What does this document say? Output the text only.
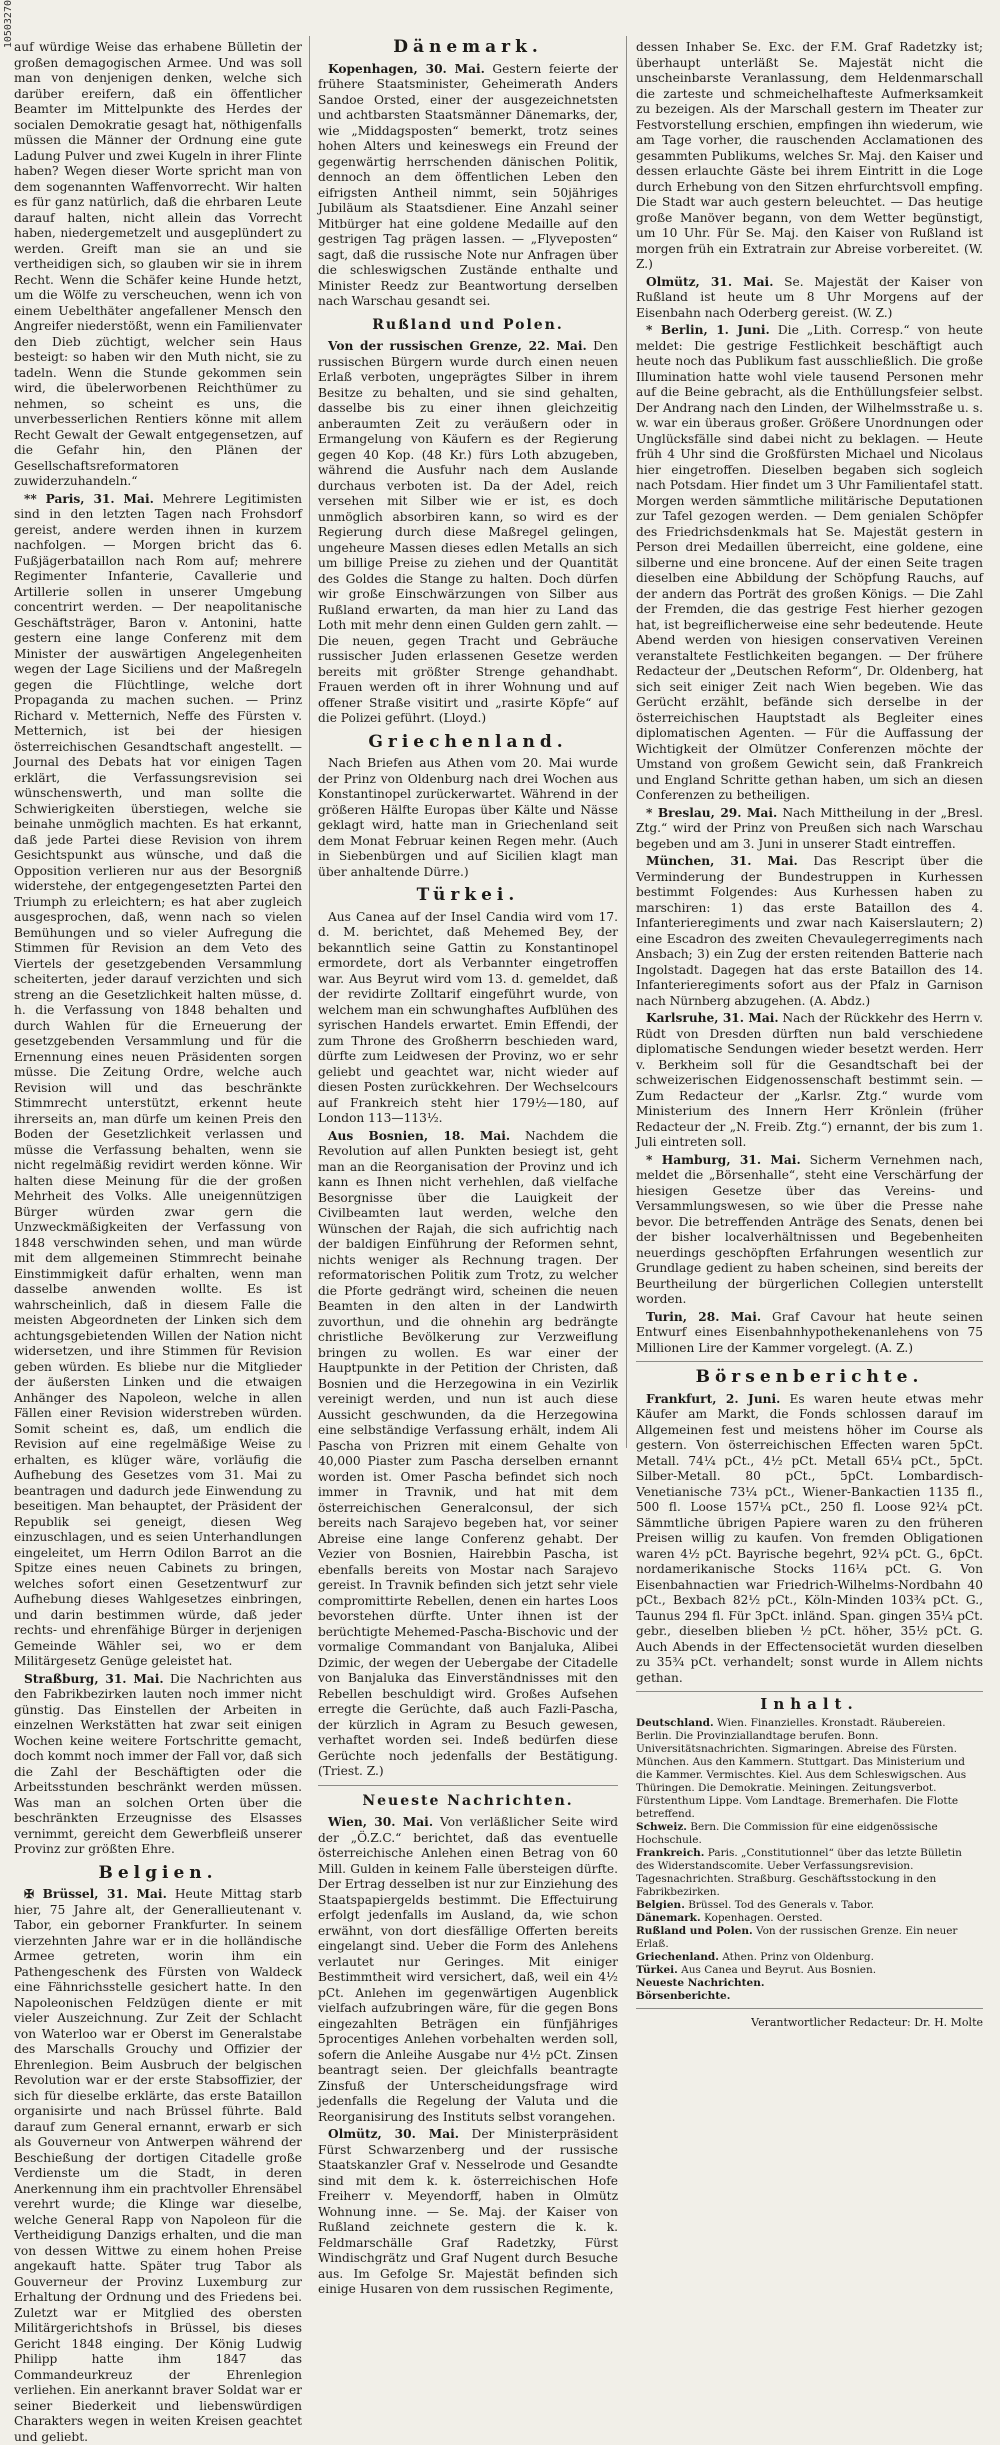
10503270 auf würdige Weise das erhabene Bülletin der großen demagogischen Armee. Und was soll man von denjenigen denken, welche sich darüber ereifern, daß ein öffentlicher Beamter im Mittelpunkte des Herdes der socialen Demokratie gesagt hat, nöthigenfalls müssen die Männer der Ordnung eine gute Ladung Pulver und zwei Kugeln in ihrer Flinte haben? Wegen dieser Worte spricht man von dem sogenannten Waffenvorrecht. Wir halten es für ganz natürlich, daß die ehrbaren Leute darauf halten, nicht allein das Vorrecht haben, niedergemetzelt und ausgeplündert zu werden. Greift man sie an und sie vertheidigen sich, so glauben wir sie in ihrem Recht. Wenn die Schäfer keine Hunde hetzt, um die Wölfe zu verscheuchen, wenn ich von einem Uebelthäter angefallener Mensch den Angreifer niederstößt, wenn ein Familienvater den Dieb züchtigt, welcher sein Haus besteigt: so haben wir den Muth nicht, sie zu tadeln. Wenn die Stunde gekommen sein wird, die übelerworbenen Reichthümer zu nehmen, so scheint es uns, die unverbesserlichen Rentiers könne mit allem Recht Gewalt der Gewalt entgegensetzen, auf die Gefahr hin, den Plänen der Gesellschaftsreformatoren zuwiderzuhandeln.“

** Paris, 31. Mai. Mehrere Legitimisten sind in den letzten Tagen nach Frohsdorf gereist, andere werden ihnen in kurzem nachfolgen. — Morgen bricht das 6. Fußjägerbataillon nach Rom auf; mehrere Regimenter Infanterie, Cavallerie und Artillerie sollen in unserer Umgebung concentrirt werden. — Der neapolitanische Geschäftsträger, Baron v. Antonini, hatte gestern eine lange Conferenz mit dem Minister der auswärtigen Angelegenheiten wegen der Lage Siciliens und der Maßregeln gegen die Flüchtlinge, welche dort Propaganda zu machen suchen. — Prinz Richard v. Metternich, Neffe des Fürsten v. Metternich, ist bei der hiesigen österreichischen Gesandtschaft angestellt. — Journal des Debats hat vor einigen Tagen erklärt, die Verfassungsrevision sei wünschenswerth, und man sollte die Schwierigkeiten überstiegen, welche sie beinahe unmöglich machten. Es hat erkannt, daß jede Partei diese Revision von ihrem Gesichtspunkt aus wünsche, und daß die Opposition verlieren nur aus der Besorgniß widerstehe, der entgegengesetzten Partei den Triumph zu erleichtern; es hat aber zugleich ausgesprochen, daß, wenn nach so vielen Bemühungen und so vieler Aufregung die Stimmen für Revision an dem Veto des Viertels der gesetzgebenden Versammlung scheiterten, jeder darauf verzichten und sich streng an die Gesetzlichkeit halten müsse, d. h. die Verfassung von 1848 behalten und durch Wahlen für die Erneuerung der gesetzgebenden Versammlung und für die Ernennung eines neuen Präsidenten sorgen müsse. Die Zeitung Ordre, welche auch Revision will und das beschränkte Stimmrecht unterstützt, erkennt heute ihrerseits an, man dürfe um keinen Preis den Boden der Gesetzlichkeit verlassen und müsse die Verfassung behalten, wenn sie nicht regelmäßig revidirt werden könne. Wir halten diese Meinung für die der großen Mehrheit des Volks. Alle uneigennützigen Bürger würden zwar gern die Unzweckmäßigkeiten der Verfassung von 1848 verschwinden sehen, und man würde mit dem allgemeinen Stimmrecht beinahe Einstimmigkeit dafür erhalten, wenn man dasselbe anwenden wollte. Es ist wahrscheinlich, daß in diesem Falle die meisten Abgeordneten der Linken sich dem achtungsgebietenden Willen der Nation nicht widersetzen, und ihre Stimmen für Revision geben würden. Es bliebe nur die Mitglieder der äußersten Linken und die etwaigen Anhänger des Napoleon, welche in allen Fällen einer Revision widerstreben würden. Somit scheint es, daß, um endlich die Revision auf eine regelmäßige Weise zu erhalten, es klüger wäre, vorläufig die Aufhebung des Gesetzes vom 31. Mai zu beantragen und dadurch jede Einwendung zu beseitigen. Man behauptet, der Präsident der Republik sei geneigt, diesen Weg einzuschlagen, und es seien Unterhandlungen eingeleitet, um Herrn Odilon Barrot an die Spitze eines neuen Cabinets zu bringen, welches sofort einen Gesetzentwurf zur Aufhebung dieses Wahlgesetzes einbringen, und darin bestimmen würde, daß jeder rechts- und ehrenfähige Bürger in derjenigen Gemeinde Wähler sei, wo er dem Militärgesetz Genüge geleistet hat.

Straßburg, 31. Mai. Die Nachrichten aus den Fabrikbezirken lauten noch immer nicht günstig. Das Einstellen der Arbeiten in einzelnen Werkstätten hat zwar seit einigen Wochen keine weitere Fortschritte gemacht, doch kommt noch immer der Fall vor, daß sich die Zahl der Beschäftigten oder die Arbeitsstunden beschränkt werden müssen. Was man an solchen Orten über die beschränkten Erzeugnisse des Elsasses vernimmt, gereicht dem Gewerbfleiß unserer Provinz zur größten Ehre.

Belgien.

✠ Brüssel, 31. Mai. Heute Mittag starb hier, 75 Jahre alt, der Generallieutenant v. Tabor, ein geborner Frankfurter. In seinem vierzehnten Jahre war er in die holländische Armee getreten, worin ihm ein Pathengeschenk des Fürsten von Waldeck eine Fähnrichsstelle gesichert hatte. In den Napoleonischen Feldzügen diente er mit vieler Auszeichnung. Zur Zeit der Schlacht von Waterloo war er Oberst im Generalstabe des Marschalls Grouchy und Offizier der Ehrenlegion. Beim Ausbruch der belgischen Revolution war er der erste Stabsoffizier, der sich für dieselbe erklärte, das erste Bataillon organisirte und nach Brüssel führte. Bald darauf zum General ernannt, erwarb er sich als Gouverneur von Antwerpen während der Beschießung der dortigen Citadelle große Verdienste um die Stadt, in deren Anerkennung ihm ein prachtvoller Ehrensäbel verehrt wurde; die Klinge war dieselbe, welche General Rapp von Napoleon für die Vertheidigung Danzigs erhalten, und die man von dessen Wittwe zu einem hohen Preise angekauft hatte. Später trug Tabor als Gouverneur der Provinz Luxemburg zur Erhaltung der Ordnung und des Friedens bei. Zuletzt war er Mitglied des obersten Militärgerichtshofs in Brüssel, bis dieses Gericht 1848 einging. Der König Ludwig Philipp hatte ihm 1847 das Commandeurkreuz der Ehrenlegion verliehen. Ein anerkannt braver Soldat war er seiner Biederkeit und liebenswürdigen Charakters wegen in weiten Kreisen geachtet und geliebt.

Dänemark.

Kopenhagen, 30. Mai. Gestern feierte der frühere Staatsminister, Geheimerath Anders Sandoe Orsted, einer der ausgezeichnetsten und achtbarsten Staatsmänner Dänemarks, der, wie „Middagsposten“ bemerkt, trotz seines hohen Alters und keineswegs ein Freund der gegenwärtig herrschenden dänischen Politik, dennoch an dem öffentlichen Leben den eifrigsten Antheil nimmt, sein 50jähriges Jubiläum als Staatsdiener. Eine Anzahl seiner Mitbürger hat eine goldene Medaille auf den gestrigen Tag prägen lassen. — „Flyveposten“ sagt, daß die russische Note nur Anfragen über die schleswigschen Zustände enthalte und Minister Reedz zur Beantwortung derselben nach Warschau gesandt sei.

Rußland und Polen.

Von der russischen Grenze, 22. Mai. Den russischen Bürgern wurde durch einen neuen Erlaß verboten, ungeprägtes Silber in ihrem Besitze zu behalten, und sie sind gehalten, dasselbe bis zu einer ihnen gleichzeitig anberaumten Zeit zu veräußern oder in Ermangelung von Käufern es der Regierung gegen 40 Kop. (48 Kr.) fürs Loth abzugeben, während die Ausfuhr nach dem Auslande durchaus verboten ist. Da der Adel, reich versehen mit Silber wie er ist, es doch unmöglich absorbiren kann, so wird es der Regierung durch diese Maßregel gelingen, ungeheure Massen dieses edlen Metalls an sich um billige Preise zu ziehen und der Quantität des Goldes die Stange zu halten. Doch dürfen wir große Einschwärzungen von Silber aus Rußland erwarten, da man hier zu Land das Loth mit mehr denn einen Gulden gern zahlt. — Die neuen, gegen Tracht und Gebräuche russischer Juden erlassenen Gesetze werden bereits mit größter Strenge gehandhabt. Frauen werden oft in ihrer Wohnung und auf offener Straße visitirt und „rasirte Köpfe“ auf die Polizei geführt. (Lloyd.)

Griechenland.

Nach Briefen aus Athen vom 20. Mai wurde der Prinz von Oldenburg nach drei Wochen aus Konstantinopel zurückerwartet. Während in der größeren Hälfte Europas über Kälte und Nässe geklagt wird, hatte man in Griechenland seit dem Monat Februar keinen Regen mehr. (Auch in Siebenbürgen und auf Sicilien klagt man über anhaltende Dürre.)

Türkei.

Aus Canea auf der Insel Candia wird vom 17. d. M. berichtet, daß Mehemed Bey, der bekanntlich seine Gattin zu Konstantinopel ermordete, dort als Verbannter eingetroffen war. Aus Beyrut wird vom 13. d. gemeldet, daß der revidirte Zolltarif eingeführt wurde, von welchem man ein schwunghaftes Aufblühen des syrischen Handels erwartet. Emin Effendi, der zum Throne des Großherrn beschieden ward, dürfte zum Leidwesen der Provinz, wo er sehr geliebt und geachtet war, nicht wieder auf diesen Posten zurückkehren. Der Wechselcours auf Frankreich steht hier 179½—180, auf London 113—113½.

Aus Bosnien, 18. Mai. Nachdem die Revolution auf allen Punkten besiegt ist, geht man an die Reorganisation der Provinz und ich kann es Ihnen nicht verhehlen, daß vielfache Besorgnisse über die Lauigkeit der Civilbeamten laut werden, welche den Wünschen der Rajah, die sich aufrichtig nach der baldigen Einführung der Reformen sehnt, nichts weniger als Rechnung tragen. Der reformatorischen Politik zum Trotz, zu welcher die Pforte gedrängt wird, scheinen die neuen Beamten in den alten in der Landwirth zuvorthun, und die ohnehin arg bedrängte christliche Bevölkerung zur Verzweiflung bringen zu wollen. Es war einer der Hauptpunkte in der Petition der Christen, daß Bosnien und die Herzegowina in ein Vezirlik vereinigt werden, und nun ist auch diese Aussicht geschwunden, da die Herzegowina eine selbständige Verfassung erhält, indem Ali Pascha von Prizren mit einem Gehalte von 40,000 Piaster zum Pascha derselben ernannt worden ist. Omer Pascha befindet sich noch immer in Travnik, und hat mit dem österreichischen Generalconsul, der sich bereits nach Sarajevo begeben hat, vor seiner Abreise eine lange Conferenz gehabt. Der Vezier von Bosnien, Hairebbin Pascha, ist ebenfalls bereits von Mostar nach Sarajevo gereist. In Travnik befinden sich jetzt sehr viele compromittirte Rebellen, denen ein hartes Loos bevorstehen dürfte. Unter ihnen ist der berüchtigte Mehemed-Pascha-Bischovic und der vormalige Commandant von Banjaluka, Alibei Dzimic, der wegen der Uebergabe der Citadelle von Banjaluka das Einverständnisses mit den Rebellen beschuldigt wird. Großes Aufsehen erregte die Gerüchte, daß auch Fazli-Pascha, der kürzlich in Agram zu Besuch gewesen, verhaftet worden sei. Indeß bedürfen diese Gerüchte noch jedenfalls der Bestätigung. (Triest. Z.)

Neueste Nachrichten.

Wien, 30. Mai. Von verläßlicher Seite wird der „Ö.Z.C.“ berichtet, daß das eventuelle österreichische Anlehen einen Betrag von 60 Mill. Gulden in keinem Falle übersteigen dürfte. Der Ertrag desselben ist nur zur Einziehung des Staatspapiergelds bestimmt. Die Effectuirung erfolgt jedenfalls im Ausland, da, wie schon erwähnt, von dort diesfällige Offerten bereits eingelangt sind. Ueber die Form des Anlehens verlautet nur Geringes. Mit einiger Bestimmtheit wird versichert, daß, weil ein 4½ pCt. Anlehen im gegenwärtigen Augenblick vielfach aufzubringen wäre, für die gegen Bons eingezahlten Beträgen ein fünfjähriges 5procentiges Anlehen vorbehalten werden soll, sofern die Anleihe Ausgabe nur 4½ pCt. Zinsen beantragt seien. Der gleichfalls beantragte Zinsfuß der Unterscheidungsfrage wird jedenfalls die Regelung der Valuta und die Reorganisirung des Instituts selbst vorangehen.

Olmütz, 30. Mai. Der Ministerpräsident Fürst Schwarzenberg und der russische Staatskanzler Graf v. Nesselrode und Gesandte sind mit dem k. k. österreichischen Hofe Freiherr v. Meyendorff, haben in Olmütz Wohnung inne. — Se. Maj. der Kaiser von Rußland zeichnete gestern die k. k. Feldmarschälle Graf Radetzky, Fürst Windischgrätz und Graf Nugent durch Besuche aus. Im Gefolge Sr. Majestät befinden sich einige Husaren von dem russischen Regimente,

dessen Inhaber Se. Exc. der F.M. Graf Radetzky ist; überhaupt unterläßt Se. Majestät nicht die unscheinbarste Veranlassung, dem Heldenmarschall die zarteste und schmeichelhafteste Aufmerksamkeit zu bezeigen. Als der Marschall gestern im Theater zur Festvorstellung erschien, empfingen ihn wiederum, wie am Tage vorher, die rauschenden Acclamationen des gesammten Publikums, welches Sr. Maj. den Kaiser und dessen erlauchte Gäste bei ihrem Eintritt in die Loge durch Erhebung von den Sitzen ehrfurchtsvoll empfing. Die Stadt war auch gestern beleuchtet. — Das heutige große Manöver begann, von dem Wetter begünstigt, um 10 Uhr. Für Se. Maj. den Kaiser von Rußland ist morgen früh ein Extratrain zur Abreise vorbereitet. (W. Z.)

Olmütz, 31. Mai. Se. Majestät der Kaiser von Rußland ist heute um 8 Uhr Morgens auf der Eisenbahn nach Oderberg gereist. (W. Z.)

* Berlin, 1. Juni. Die „Lith. Corresp.“ von heute meldet: Die gestrige Festlichkeit beschäftigt auch heute noch das Publikum fast ausschließlich. Die große Illumination hatte wohl viele tausend Personen mehr auf die Beine gebracht, als die Enthüllungsfeier selbst. Der Andrang nach den Linden, der Wilhelmsstraße u. s. w. war ein überaus großer. Größere Unordnungen oder Unglücksfälle sind dabei nicht zu beklagen. — Heute früh 4 Uhr sind die Großfürsten Michael und Nicolaus hier eingetroffen. Dieselben begaben sich sogleich nach Potsdam. Hier findet um 3 Uhr Familientafel statt. Morgen werden sämmtliche militärische Deputationen zur Tafel gezogen werden. — Dem genialen Schöpfer des Friedrichsdenkmals hat Se. Majestät gestern in Person drei Medaillen überreicht, eine goldene, eine silberne und eine broncene. Auf der einen Seite tragen dieselben eine Abbildung der Schöpfung Rauchs, auf der andern das Porträt des großen Königs. — Die Zahl der Fremden, die das gestrige Fest hierher gezogen hat, ist begreiflicherweise eine sehr bedeutende. Heute Abend werden von hiesigen conservativen Vereinen veranstaltete Festlichkeiten begangen. — Der frühere Redacteur der „Deutschen Reform“, Dr. Oldenberg, hat sich seit einiger Zeit nach Wien begeben. Wie das Gerücht erzählt, befände sich derselbe in der österreichischen Hauptstadt als Begleiter eines diplomatischen Agenten. — Für die Auffassung der Wichtigkeit der Olmützer Conferenzen möchte der Umstand von großem Gewicht sein, daß Frankreich und England Schritte gethan haben, um sich an diesen Conferenzen zu betheiligen.

* Breslau, 29. Mai. Nach Mittheilung in der „Bresl. Ztg.“ wird der Prinz von Preußen sich nach Warschau begeben und am 3. Juni in unserer Stadt eintreffen.

München, 31. Mai. Das Rescript über die Verminderung der Bundestruppen in Kurhessen bestimmt Folgendes: Aus Kurhessen haben zu marschiren: 1) das erste Bataillon des 4. Infanterieregiments und zwar nach Kaiserslautern; 2) eine Escadron des zweiten Chevaulegerregiments nach Ansbach; 3) ein Zug der ersten reitenden Batterie nach Ingolstadt. Dagegen hat das erste Bataillon des 14. Infanterieregiments sofort aus der Pfalz in Garnison nach Nürnberg abzugehen. (A. Abdz.)

Karlsruhe, 31. Mai. Nach der Rückkehr des Herrn v. Rüdt von Dresden dürften nun bald verschiedene diplomatische Sendungen wieder besetzt werden. Herr v. Berkheim soll für die Gesandtschaft bei der schweizerischen Eidgenossenschaft bestimmt sein. — Zum Redacteur der „Karlsr. Ztg.“ wurde vom Ministerium des Innern Herr Krönlein (früher Redacteur der „N. Freib. Ztg.“) ernannt, der bis zum 1. Juli eintreten soll.

* Hamburg, 31. Mai. Sicherm Vernehmen nach, meldet die „Börsenhalle“, steht eine Verschärfung der hiesigen Gesetze über das Vereins- und Versammlungswesen, so wie über die Presse nahe bevor. Die betreffenden Anträge des Senats, denen bei der bisher localverhältnissen und Begebenheiten neuerdings geschöpften Erfahrungen wesentlich zur Grundlage gedient zu haben scheinen, sind bereits der Beurtheilung der bürgerlichen Collegien unterstellt worden.

Turin, 28. Mai. Graf Cavour hat heute seinen Entwurf eines Eisenbahnhypothekenanlehens von 75 Millionen Lire der Kammer vorgelegt. (A. Z.)

Börsenberichte.

Frankfurt, 2. Juni. Es waren heute etwas mehr Käufer am Markt, die Fonds schlossen darauf im Allgemeinen fest und meistens höher im Course als gestern. Von österreichischen Effecten waren 5pCt. Metall. 74¼ pCt., 4½ pCt. Metall 65¼ pCt., 5pCt. Silber-Metall. 80 pCt., 5pCt. Lombardisch-Venetianische 73¼ pCt., Wiener-Bankactien 1135 fl., 500 fl. Loose 157¼ pCt., 250 fl. Loose 92¼ pCt. Sämmtliche übrigen Papiere waren zu den früheren Preisen willig zu kaufen. Von fremden Obligationen waren 4½ pCt. Bayrische begehrt, 92¼ pCt. G., 6pCt. nordamerikanische Stocks 116¼ pCt. G. Von Eisenbahnactien war Friedrich-Wilhelms-Nordbahn 40 pCt., Bexbach 82½ pCt., Köln-Minden 103¾ pCt. G., Taunus 294 fl. Für 3pCt. inländ. Span. gingen 35¼ pCt. gebr., dieselben blieben ½ pCt. höher, 35½ pCt. G. Auch Abends in der Effectensocietät wurden dieselben zu 35¾ pCt. verhandelt; sonst wurde in Allem nichts gethan.

Inhalt.
Deutschland. Wien. Finanzielles. Kronstadt. Räubereien. Berlin. Die Provinziallandtage berufen. Bonn. Universitätsnachrichten. Sigmaringen. Abreise des Fürsten. München. Aus den Kammern. Stuttgart. Das Ministerium und die Kammer. Vermischtes. Kiel. Aus dem Schleswigschen. Aus Thüringen. Die Demokratie. Meiningen. Zeitungsverbot. Fürstenthum Lippe. Vom Landtage. Bremerhafen. Die Flotte betreffend.
Schweiz. Bern. Die Commission für eine eidgenössische Hochschule.
Frankreich. Paris. „Constitutionnel“ über das letzte Bülletin des Widerstandscomite. Ueber Verfassungsrevision. Tagesnachrichten. Straßburg. Geschäftsstockung in den Fabrikbezirken.
Belgien. Brüssel. Tod des Generals v. Tabor.
Dänemark. Kopenhagen. Oersted.
Rußland und Polen. Von der russischen Grenze. Ein neuer Erlaß.
Griechenland. Athen. Prinz von Oldenburg.
Türkei. Aus Canea und Beyrut. Aus Bosnien.
Neueste Nachrichten.
Börsenberichte.
Verantwortlicher Redacteur: Dr. H. Molte
